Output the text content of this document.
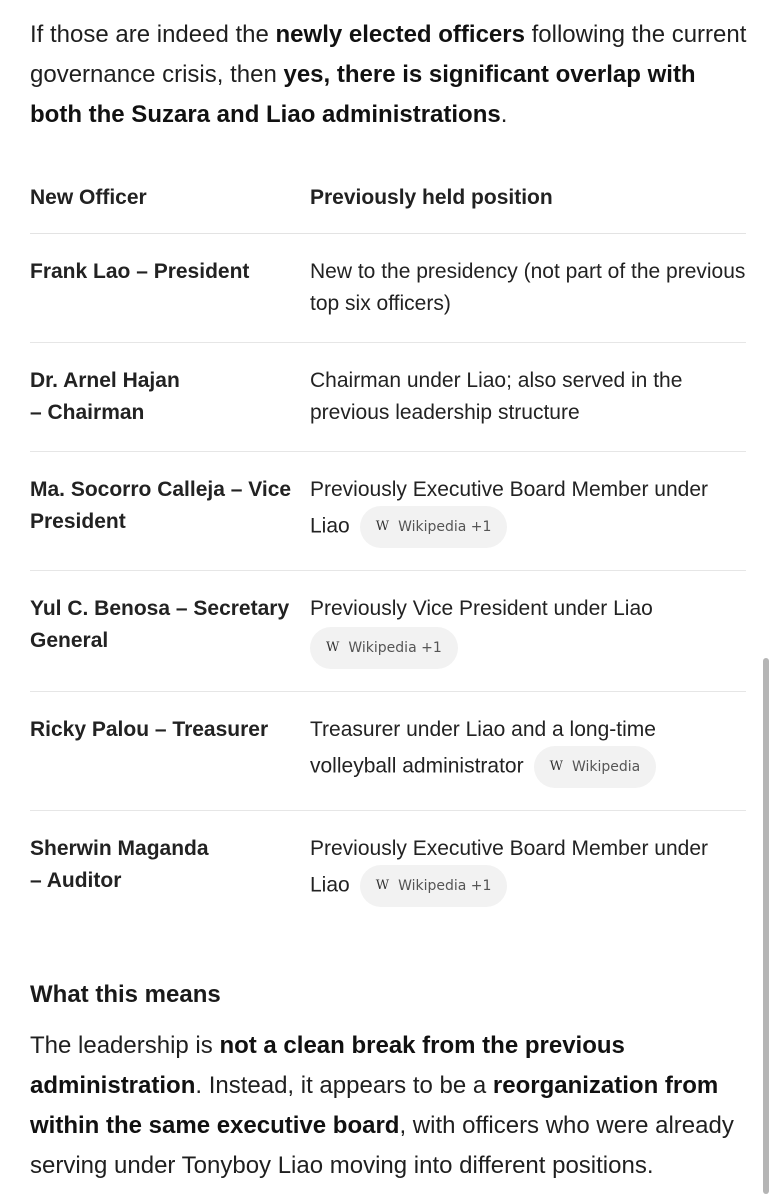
If those are indeed the newly elected officers following the current governance crisis, then yes, there is significant overlap with both the Suzara and Liao administrations.

New Officer	Previously held position
Frank Lao – President	New to the presidency (not part of the previous top six officers)
Dr. Arnel Hajan
– Chairman	Chairman under Liao; also served in the previous leadership structure
Ma. Socorro Calleja – Vice President	Previously Executive Board Member under Liao W Wikipedia +1

Yul C. Benosa – Secretary General	Previously Vice President under Liao

W Wikipedia +1

Ricky Palou – Treasurer	Treasurer under Liao and a long-time volleyball administrator W Wikipedia

Sherwin Maganda
– Auditor	Previously Executive Board Member under Liao W Wikipedia +1
What this means

The leadership is not a clean break from the previous administration. Instead, it appears to be a reorganization from within the same executive board, with officers who were already serving under Tonyboy Liao moving into different positions.
